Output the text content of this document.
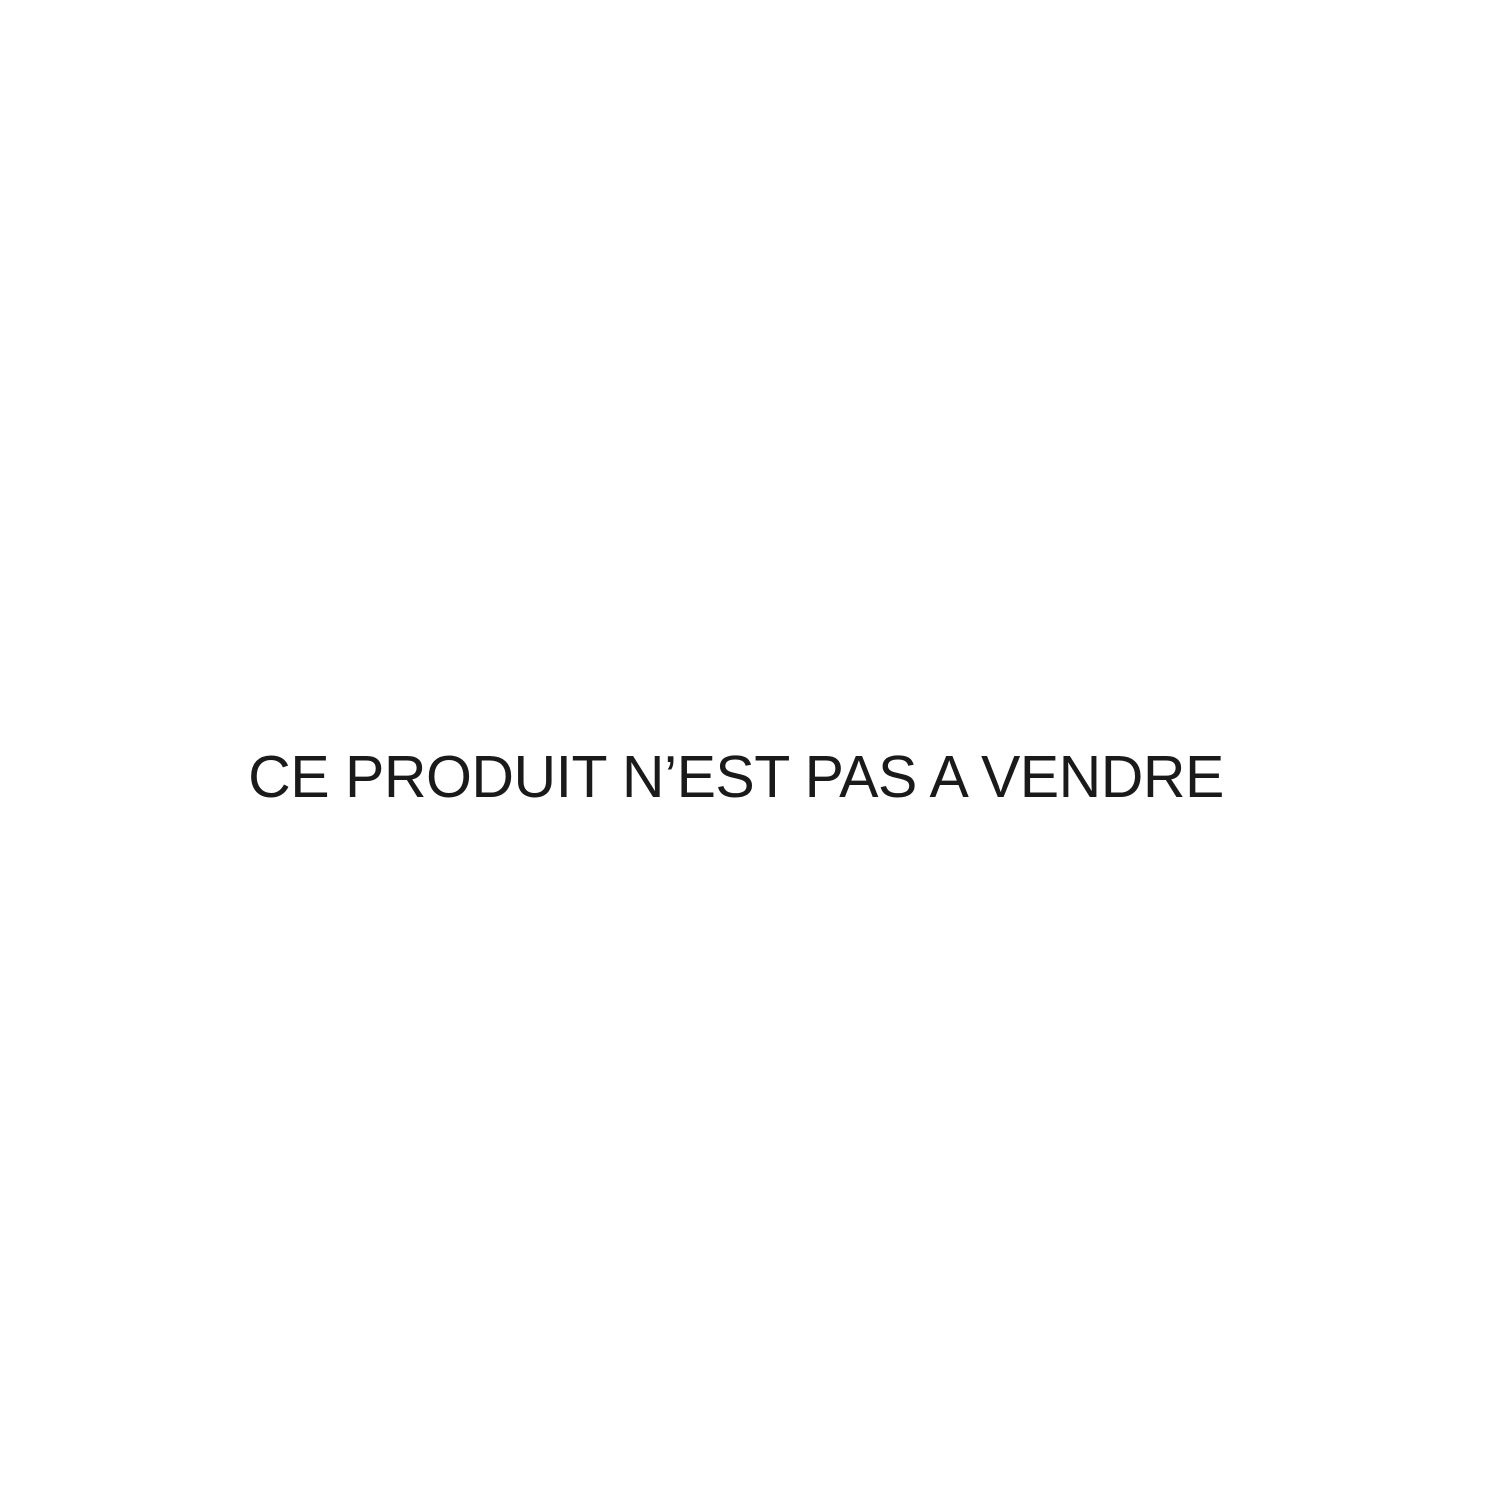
CE PRODUIT N’EST PAS A VENDRE
